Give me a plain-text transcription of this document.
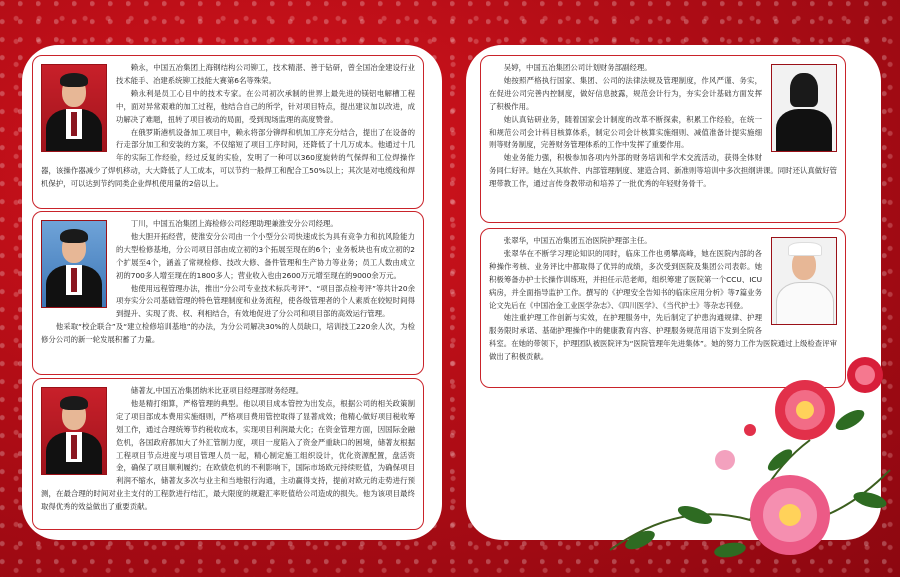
赖永，中国五冶集团上海钢结构公司铆工，技术精湛、善于钻研，曾全国冶金建设行业技术能手、冶建系统铆工技能大赛第6名等殊荣。

赖永利是员工心目中的技术专家。在公司初次承制的世界上最先进的镁铝电解槽工程中，面对异常艰难的加工过程，他结合自己的所学，针对项目特点，提出建议加以改进，成功解决了难题，扭转了项目被动的局面，受到现场监理的高度赞誉。

在俄罗斯港机设备加工项目中，赖永将部分铆焊和机加工序充分结合，提出了在设备的行走部分加工和安装的方案，不仅缩短了项目工序时间，还降低了十几万成本。他通过十几年的实际工作经验，经过反复的实验，发明了一种可以360度旋转的气保焊和工位焊操作器，该操作器减少了焊机移动，大大降低了人工成本，可以节约一般焊工和配合工50%以上；其次是对电缆线和焊机保护，可以达到节约同类企业焊机使用量的2倍以上。

丁川，中国五冶集团上海检修公司经理助理兼淮安分公司经理。

他大胆开拓经营，使淮安分公司由一个小型分公司快速成长为具有竞争力和抗风险能力的大型检修基地，分公司项目部由成立初的3个拓展至现在的6个；业务板块也有成立初的2个扩展至4个，涵盖了常规检修、技改大修、备件管理和生产协力等业务；员工人数由成立初的700多人增至现在的1800多人；营业收入也由2600万元增至现在的9000余万元。

他使用远程管理办法，推出“分公司专业技术标兵考评”、“项目部点检考评”等共计20余项夯实分公司基础管理的特色管理制度和业务流程，使各级管理者的个人素质在较短时间得到提升、实现了责、权、利相结合，有效地促进了分公司和项目部的高效运行管理。

他采取“校企联合”及“建立检修培训基地”的办法，为分公司解决30%的人员缺口，培训技工220余人次，为检修分公司的新一轮发展积蓄了力量。

储著友,中国五冶集团纳米比亚项目经理部财务经理。

他是精打细算，严格管理的典型。他以项目成本管控为出发点，根据公司的相关政策制定了项目部成本费用实施细则，严格项目费用管控取得了显著成效；他精心做好项目税收筹划工作，通过合理统筹节约税收成本，实现项目利润最大化；在资金管理方面，因国际金融危机，各国政府都加大了外汇管制力度，项目一度陷入了资金严重缺口的困境，储著友根据工程项目节点进度与项目管理人员一起，精心制定施工组织设计，优化资源配置，盘活资金，确保了项目顺利履约；在欧债危机的不利影响下，国际市场欧元持续贬值，为确保项目利润不缩水，储著友多次与业主和当地银行沟通，主动赢得支持，提前对欧元的走势进行预测，在最合理的时间对业主支付的工程款进行结汇，最大限度的规避汇率贬值给公司造成的损失。他为该项目最终取得优秀的效益做出了重要贡献。

吴婷，中国五冶集团公司计划财务部副经理。

她按照严格执行国家、集团、公司的法律法规及管理制度，作风严谨、务实，在促进公司完善内控制度，做好信息披露，规范会计行为，夯实会计基础方面发挥了积极作用。

她认真钻研业务，随着国家会计制度的改革不断探索，积累工作经验，在统一和规范公司会计科目核算体系，制定公司会计核算实施细则、减值准备计提实施细则等财务制度，完善财务管理体系的工作中发挥了重要作用。

她业务能力强，积极参加各项内外部的财务培训和学术交流活动，获得全体财务同仁好评。她在久其软件、内部管理制度、建造合同、新准则等培训中多次担纲讲课。同时还认真做好管理带教工作，通过言传身教带动和培养了一批优秀的年轻财务骨干。

张翠华，中国五冶集团五冶医院护理部主任。

张翠华在不断学习理论知识的同时，临床工作也勇攀高峰，她在医院内部的各种操作考核、业务评比中都取得了优异的成绩，多次受到医院及集团公司表彰。她积极筹备办护士长操作训练班，并担任示范老师，组织筹建了医院第一个CCU、ICU病房，并全面指导监护工作。撰写的《护理安全告知书的临床应用分析》等7篇业务论文先后在《中国冶金工业医学杂志》、《四川医学》、《当代护士》等杂志刊登。

她注重护理工作创新与实效，在护理服务中，先后制定了护患沟通规律、护理服务限时承诺、基础护理操作中的健康教育内容、护理服务规范用语下发到全院各科室。在她的带领下，护理团队被医院评为“医院管理年先进集体”。她的努力工作为医院通过上级检查评审做出了积极贡献。
